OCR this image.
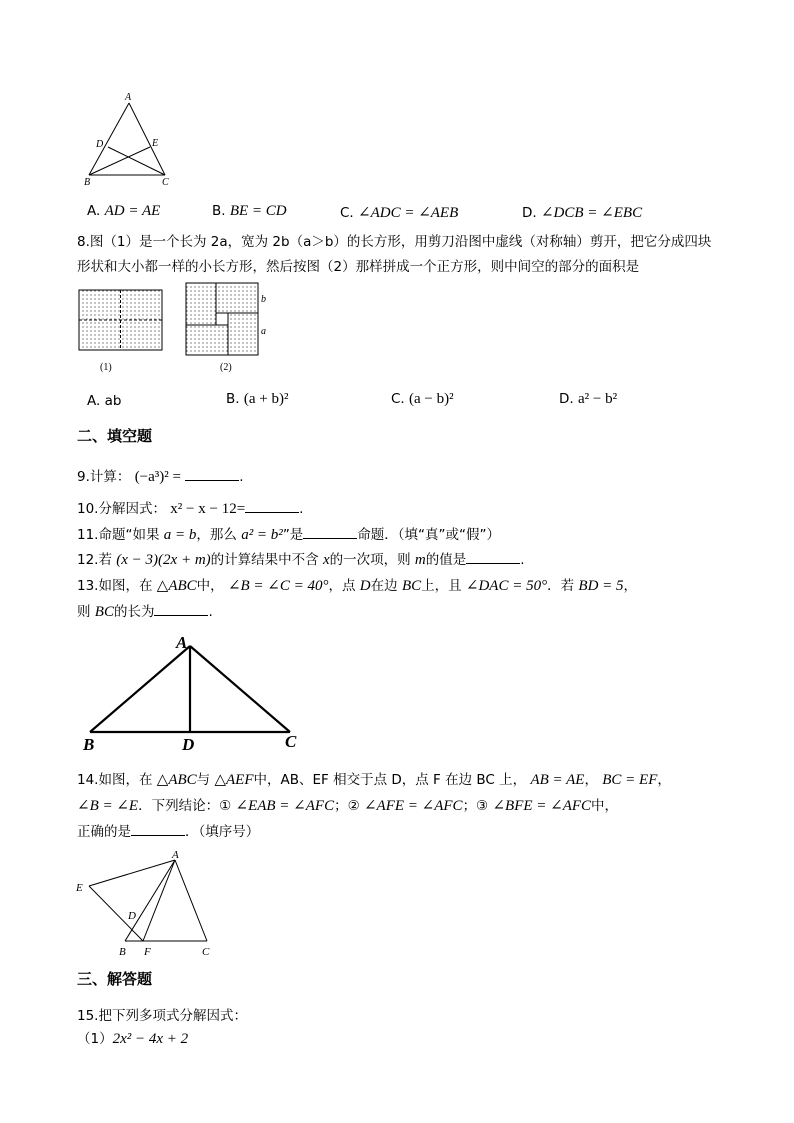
A
D	E
B	C
A. AD = AE	B. BE = CD	C. ∠ADC = ∠AEB	D. ∠DCB = ∠EBC
8.图（1）是一个长为 2a，宽为 2b（a＞b）的长方形，用剪刀沿图中虚线（对称轴）剪开，把它分成四块
形状和大小都一样的小长方形，然后按图（2）那样拼成一个正方形，则中间空的部分的面积是
(1)
b
a
(2)
A. ab	B. (a + b)²	C. (a − b)²	D. a² − b²
二、填空题
9.计算： (−a³)² =	.
10.分解因式： x² − x − 12=	.
11.命题“如果 a = b，那么 a² = b²”是	命题．（填“真”或“假”）
12.若 (x − 3)(2x + m)的计算结果中不含 x的一次项，则 m的值是	.
13.如图，在 △ABC中， ∠B = ∠C = 40°，点 D在边 BC上，且 ∠DAC = 50°．若 BD = 5，
则 BC的长为	.
A
B	D	C
14.如图，在 △ABC与 △AEF中，AB、EF 相交于点 D，点 F 在边 BC 上， AB = AE， BC = EF，
∠B = ∠E．下列结论：① ∠EAB = ∠AFC；② ∠AFE = ∠AFC；③ ∠BFE = ∠AFC中，
正确的是	．（填序号）
A
E
D
B F	C
三、解答题
15.把下列多项式分解因式：
（1）2x² − 4x + 2
